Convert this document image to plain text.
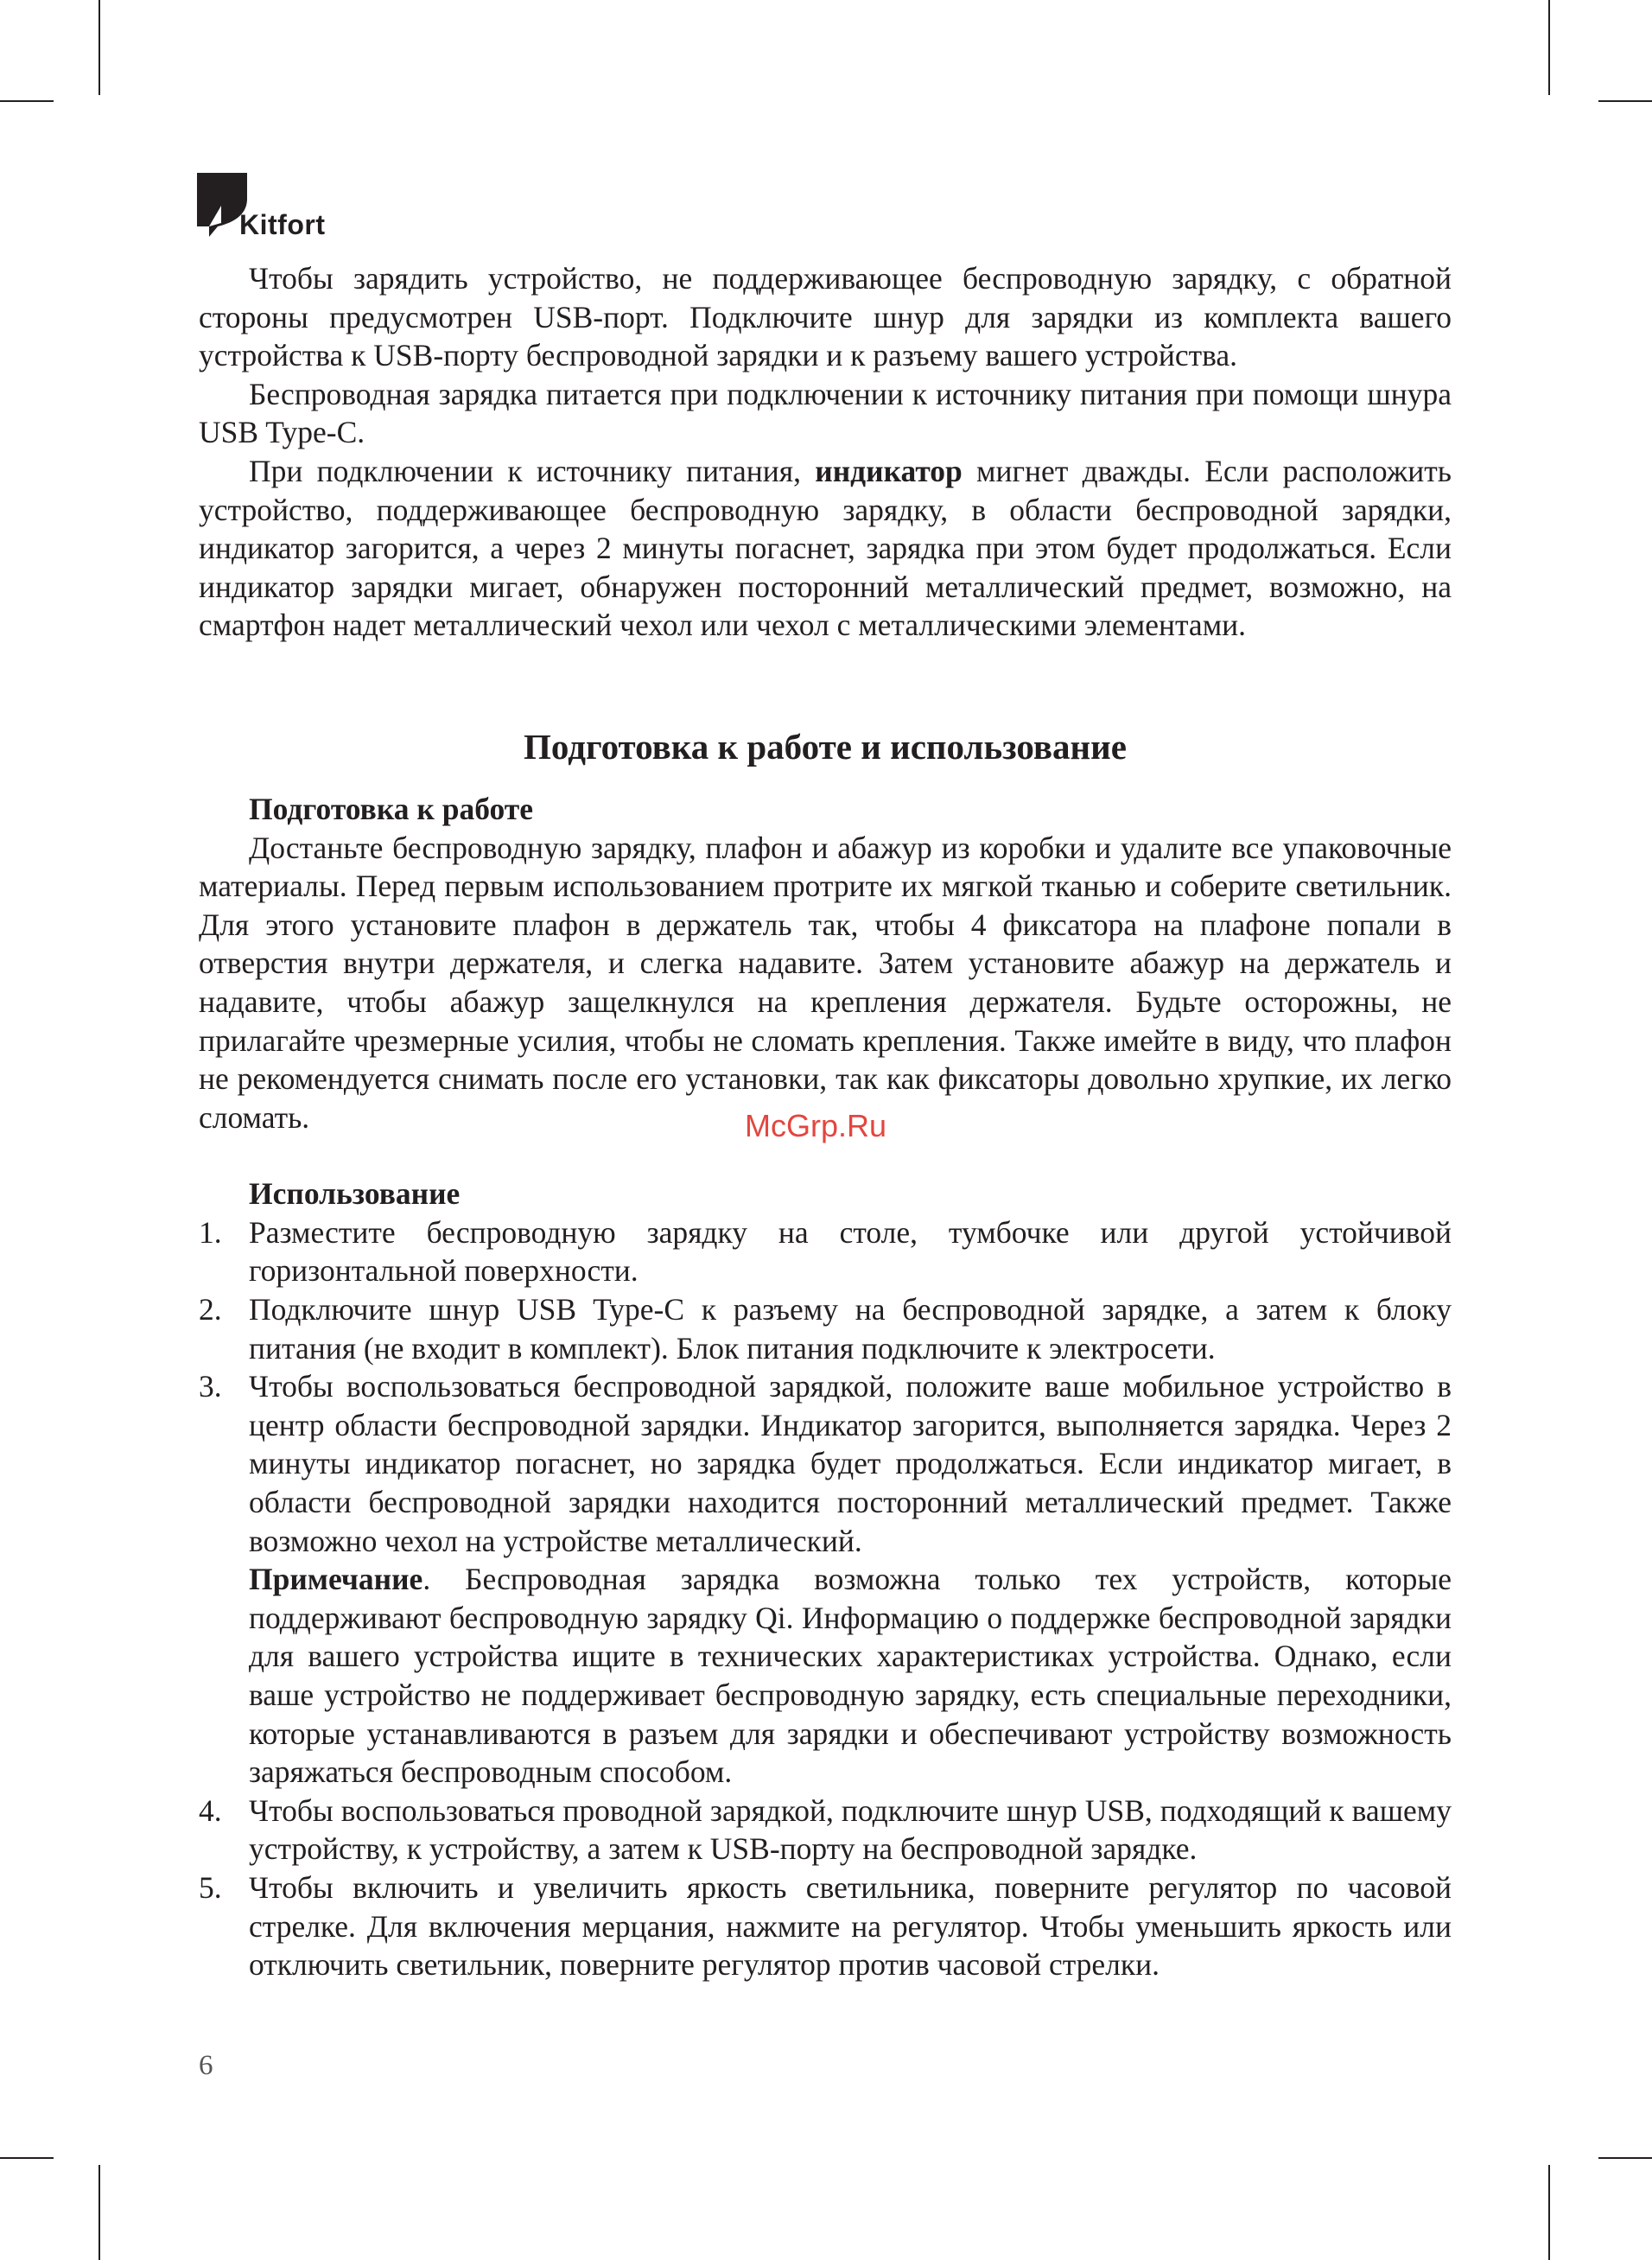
Kitfort

Чтобы зарядить устройство, не поддерживающее беспроводную зарядку, с обратной стороны предусмотрен USB-порт. Подключите шнур для зарядки из комплекта вашего устройства к USB-порту беспроводной зарядки и к разъему вашего устройства.

Беспроводная зарядка питается при подключении к источнику питания при помощи шнура USB Type-C.

При подключении к источнику питания, индикатор мигнет дважды. Если расположить устройство, поддерживающее беспроводную зарядку, в области беспроводной зарядки, индикатор загорится, а через 2 минуты погаснет, зарядка при этом будет продолжаться. Если индикатор зарядки мигает, обнаружен посторонний металлический предмет, возможно, на смартфон надет металлический чехол или чехол с металлическими элементами.

Подготовка к работе и использование
Подготовка к работе

Достаньте беспроводную зарядку, плафон и абажур из коробки и удалите все упаковочные материалы. Перед первым использованием протрите их мягкой тканью и соберите светильник. Для этого установите плафон в держатель так, чтобы 4 фиксатора на плафоне попали в отверстия внутри держателя, и слегка надавите. Затем установите абажур на держатель и надавите, чтобы абажур защелкнулся на крепления держателя. Будьте осторожны, не прилагайте чрезмерные усилия, чтобы не сломать крепления. Также имейте в виду, что плафон не рекомендуется снимать после его установки, так как фиксаторы довольно хрупкие, их легко сломать.

Использование
1. Разместите беспроводную зарядку на столе, тумбочке или другой устойчивой горизонтальной поверхности.
2. Подключите шнур USB Type-C к разъему на беспроводной зарядке, а затем к блоку питания (не входит в комплект). Блок питания подключите к электросети.
3. Чтобы воспользоваться беспроводной зарядкой, положите ваше мобильное устройство в центр области беспроводной зарядки. Индикатор загорится, выполняется зарядка. Через 2 минуты индикатор погаснет, но зарядка будет продолжаться. Если индикатор мигает, в области беспроводной зарядки находится посторонний металлический предмет. Также возможно чехол на устройстве металлический.
Примечание. Беспроводная зарядка возможна только тех устройств, которые поддерживают беспроводную зарядку Qi. Информацию о поддержке беспроводной зарядки для вашего устройства ищите в технических характеристиках устройства. Однако, если ваше устройство не поддерживает беспроводную зарядку, есть специальные переходники, которые устанавливаются в разъем для зарядки и обеспечивают устройству возможность заряжаться беспроводным способом.
4. Чтобы воспользоваться проводной зарядкой, подключите шнур USB, подходящий к вашему устройству, к устройству, а затем к USB-порту на беспроводной зарядке.
5. Чтобы включить и увеличить яркость светильника, поверните регулятор по часовой стрелке. Для включения мерцания, нажмите на регулятор. Чтобы уменьшить яркость или отключить светильник, поверните регулятор против часовой стрелки.
McGrp.Ru
6
